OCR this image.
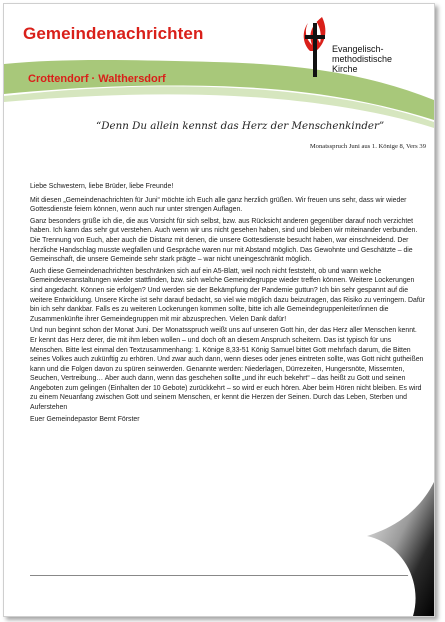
Gemeindenachrichten
Crottendorf · Walthersdorf
Evangelisch-
methodistische
Kirche
“Denn Du allein kennst das Herz der Menschenkinder”
Monatsspruch Juni aus 1. Könige 8, Vers 39

Liebe Schwestern, liebe Brüder, liebe Freunde!

Mit diesen „Gemeindenachrichten für Juni“ möchte ich Euch alle ganz herzlich grüßen. Wir freuen uns sehr, dass wir wieder Gottesdienste feiern können, wenn auch nur unter strengen Auflagen.

Ganz besonders grüße ich die, die aus Vorsicht für sich selbst, bzw. aus Rücksicht anderen gegenüber darauf noch verzichtet haben. Ich kann das sehr gut verstehen. Auch wenn wir uns nicht gesehen haben, sind und bleiben wir miteinander verbunden. Die Trennung von Euch, aber auch die Distanz mit denen, die unsere Gottesdienste besucht haben, war einschneidend. Der herzliche Handschlag musste wegfallen und Gespräche waren nur mit Abstand möglich. Das Gewohnte und Geschätzte – die Gemeinschaft, die unsere Gemeinde sehr stark prägte – war nicht uneingeschränkt möglich.

Auch diese Gemeindenachrichten beschränken sich auf ein A5-Blatt, weil noch nicht feststeht, ob und wann welche Gemeindeveranstaltungen wieder stattfinden, bzw. sich welche Gemeindegruppe wieder treffen können. Weitere Lockerungen sind angedacht. Können sie erfolgen? Und werden sie der Bekämpfung der Pandemie guttun? Ich bin sehr gespannt auf die weitere Entwicklung. Unsere Kirche ist sehr darauf bedacht, so viel wie möglich dazu beizutragen, das Risiko zu verringern. Dafür bin ich sehr dankbar. Falls es zu weiteren Lockerungen kommen sollte, bitte ich alle Gemeindegruppenleiter/innen die Zusammenkünfte ihrer Gemeindegruppen mit mir abzusprechen. Vielen Dank dafür!

Und nun beginnt schon der Monat Juni. Der Monatsspruch weißt uns auf unseren Gott hin, der das Herz aller Menschen kennt. Er kennt das Herz derer, die mit ihm leben wollen – und doch oft an diesem Anspruch scheitern. Das ist typisch für uns Menschen. Bitte lest einmal den Textzusammenhang: 1. Könige 8,33-51 König Samuel bittet Gott mehrfach darum, die Bitten seines Volkes auch zukünftig zu erhören. Und zwar auch dann, wenn dieses oder jenes eintreten sollte, was Gott nicht gutheißen kann und die Folgen davon zu spüren seinwerden. Genannte werden: Niederlagen, Dürrezeiten, Hungersnöte, Missernten, Seuchen, Vertreibung… Aber auch dann, wenn das geschehen sollte „und ihr euch bekehrt“ – das heißt zu Gott und seinen Angeboten zum gelingen (Einhalten der 10 Gebote) zurückkehrt – so wird er euch hören. Aber beim Hören nicht bleiben. Es wird zu einem Neuanfang zwischen Gott und seinem Menschen, er kennt die Herzen der Seinen. Durch das Leben, Sterben und Auferstehen

Euer Gemeindepastor Bernt Förster
